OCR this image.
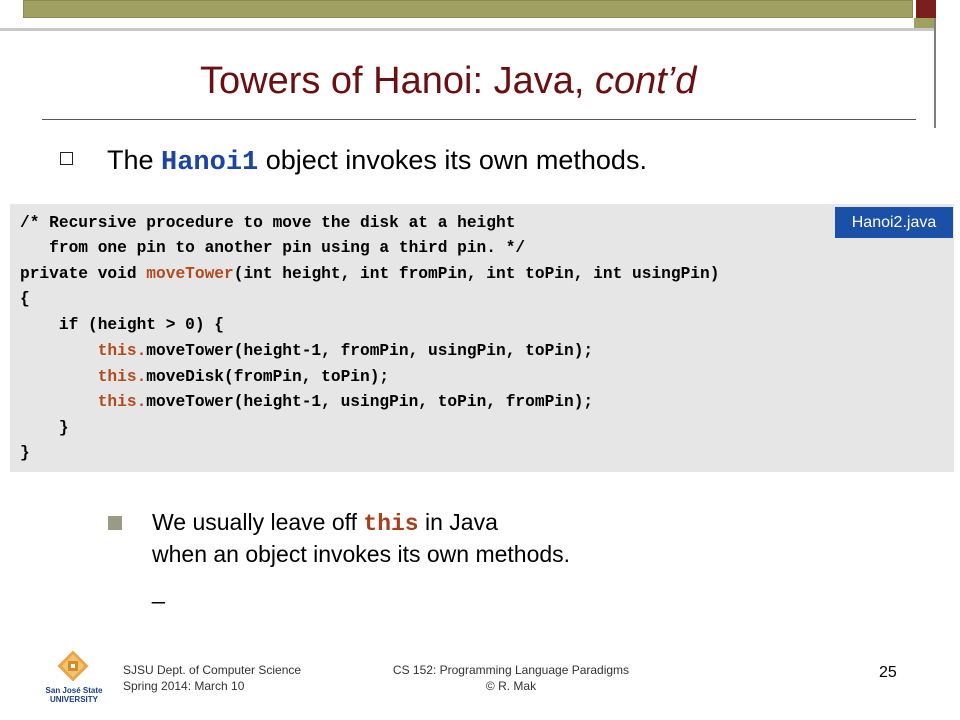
Towers of Hanoi: Java, cont’d
The Hanoi1 object invokes its own methods.
Hanoi2.java
/* Recursive procedure to move the disk at a height
from one pin to another pin using a third pin. */
private void moveTower(int height, int fromPin, int toPin, int usingPin)
{
if (height > 0) {
this.moveTower(height-1, fromPin, usingPin, toPin);
this.moveDisk(fromPin, toPin);
this.moveTower(height-1, usingPin, toPin, fromPin);
}
}
We usually leave off this in Java
when an object invokes its own methods.
_
San José State UNIVERSITY
SJSU Dept. of Computer Science
Spring 2014: March 10
CS 152: Programming Language Paradigms
© R. Mak
25
